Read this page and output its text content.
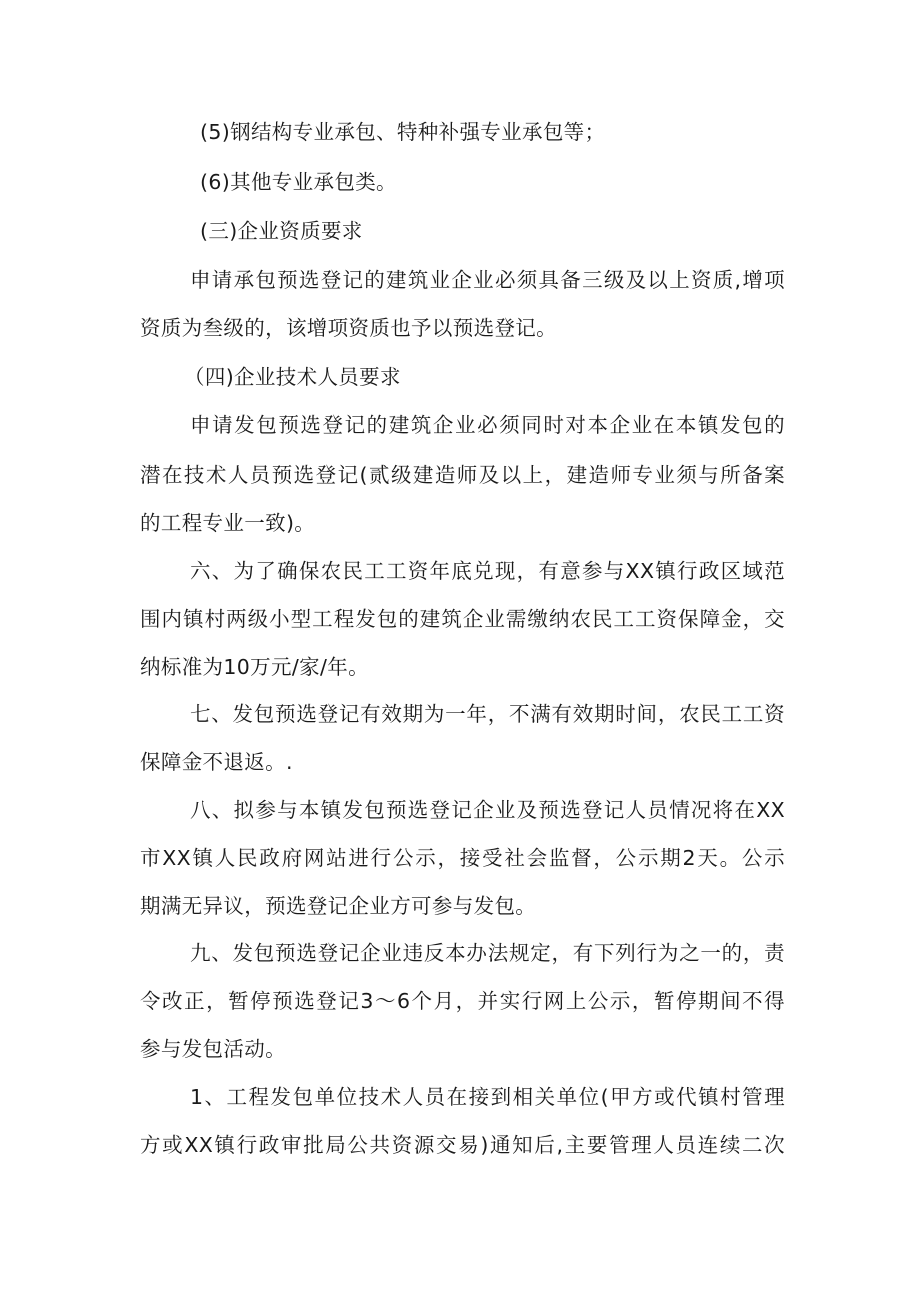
(5)钢结构专业承包、特种补强专业承包等；
(6)其他专业承包类。
(三)企业资质要求
申请承包预选登记的建筑业企业必须具备三级及以上资质,增项
资质为叁级的，该增项资质也予以预选登记。
（四)企业技术人员要求
申请发包预选登记的建筑企业必须同时对本企业在本镇发包的
潜在技术人员预选登记(贰级建造师及以上，建造师专业须与所备案
的工程专业一致)。
六、为了确保农民工工资年底兑现，有意参与XX镇行政区域范
围内镇村两级小型工程发包的建筑企业需缴纳农民工工资保障金，交
纳标准为10万元/家/年。
七、发包预选登记有效期为一年，不满有效期时间，农民工工资
保障金不退返。.
八、拟参与本镇发包预选登记企业及预选登记人员情况将在XX
市XX镇人民政府网站进行公示，接受社会监督，公示期2天。公示
期满无异议，预选登记企业方可参与发包。
九、发包预选登记企业违反本办法规定，有下列行为之一的，责
令改正，暂停预选登记3〜6个月，并实行网上公示，暂停期间不得
参与发包活动。
1、工程发包单位技术人员在接到相关单位(甲方或代镇村管理
方或XX镇行政审批局公共资源交易)通知后,主要管理人员连续二次
